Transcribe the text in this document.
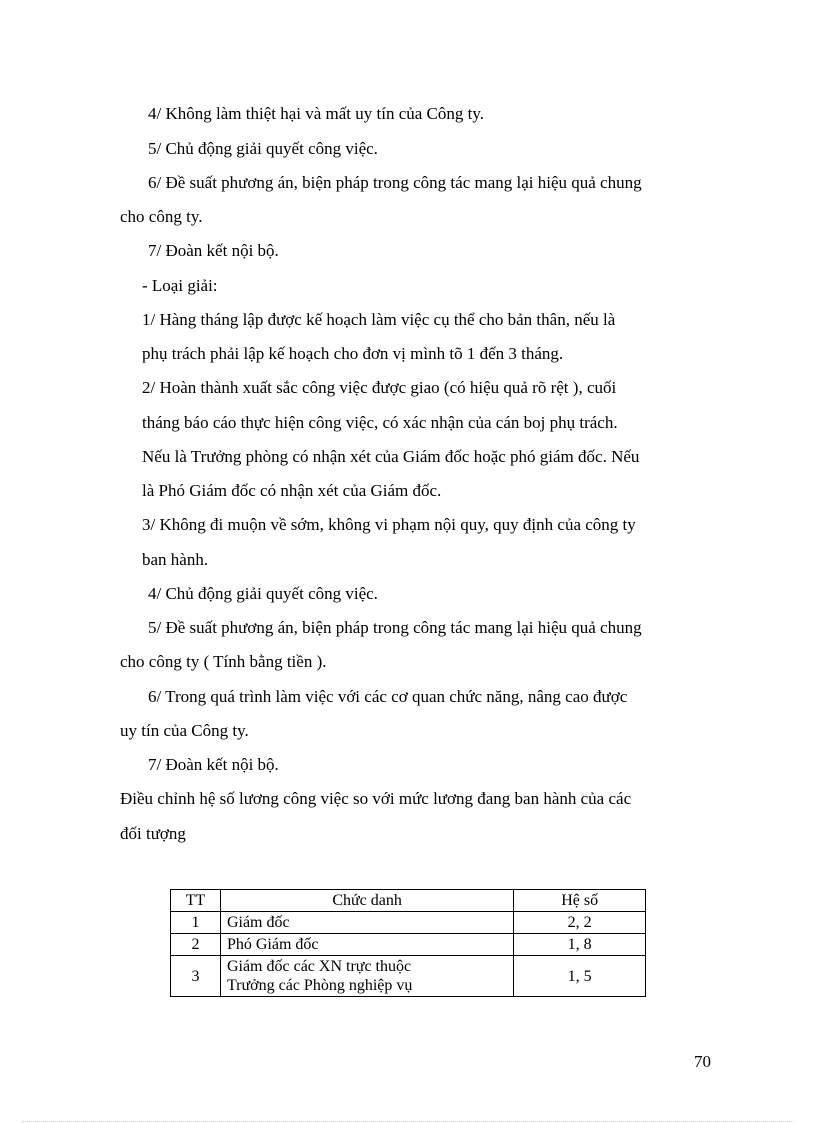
4/ Không làm thiệt hại và mất uy tín của Công ty.
5/ Chủ động giải quyết công việc.
6/ Đề suất phương án, biện pháp trong công tác mang lại hiệu quả chung
cho công ty.
7/ Đoàn kết nội bộ.
- Loại giải:
1/ Hàng tháng lập được kế hoạch làm việc cụ thể cho bản thân, nếu là
phụ trách phải lập kế hoạch cho đơn vị mình tõ 1 đến 3 tháng.
2/ Hoàn thành xuất sắc công việc được giao (có hiệu quả rõ rệt ), cuối
tháng báo cáo thực hiện công việc, có xác nhận của cán boj phụ trách.
Nếu là Trưởng phòng có nhận xét của Giám đốc hoặc phó giám đốc. Nếu
là Phó Giám đốc có nhận xét của Giám đốc.
3/ Không đi muộn về sớm, không vi phạm nội quy, quy định của công ty
ban hành.
4/ Chủ động giải quyết công việc.
5/ Đề suất phương án, biện pháp trong công tác mang lại hiệu quả chung
cho công ty ( Tính bằng tiền ).
6/ Trong quá trình làm việc với các cơ quan chức năng, nâng cao được
uy tín của Công ty.
7/ Đoàn kết nội bộ.
Điều chỉnh hệ số lương công việc so với mức lương đang ban hành của các
đối tượng
TT	Chức danh	Hệ số
1	Giám đốc	2, 2
2	Phó Giám đốc	1, 8
3	Giám đốc các XN trực thuộc
Trưởng các Phòng nghiệp vụ	1, 5
70
